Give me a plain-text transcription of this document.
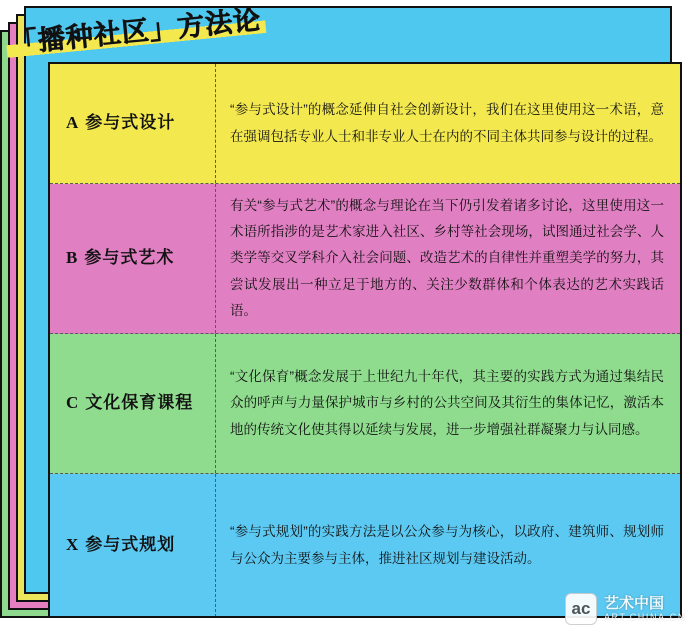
A 参与式设计
“参与式设计”的概念延伸自社会创新设计，我们在这里使用这一术语，意在强调包括专业人士和非专业人士在内的不同主体共同参与设计的过程。
B 参与式艺术
有关“参与式艺术”的概念与理论在当下仍引发着诸多讨论，这里使用这一术语所指涉的是艺术家进入社区、乡村等社会现场，试图通过社会学、人类学等交叉学科介入社会问题、改造艺术的自律性并重塑美学的努力，其尝试发展出一种立足于地方的、关注少数群体和个体表达的艺术实践话语。
C 文化保育课程
“文化保育”概念发展于上世纪九十年代，其主要的实践方式为通过集结民众的呼声与力量保护城市与乡村的公共空间及其衍生的集体记忆，激活本地的传统文化使其得以延续与发展，进一步增强社群凝聚力与认同感。
X 参与式规划
“参与式规划”的实践方法是以公众参与为核心，以政府、建筑师、规划师与公众为主要参与主体，推进社区规划与建设活动。
「播种社区」方法论
ac 艺术中国
ART.CHINA.CN
